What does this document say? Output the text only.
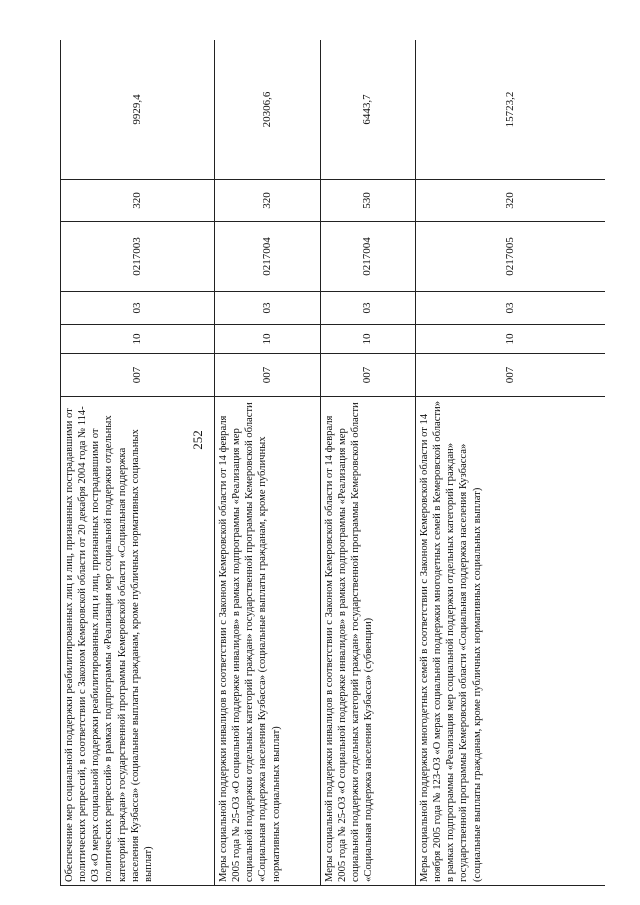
252
Обеспечение мер социальной поддержки реабилитированных лиц и лиц, признанных пострадавшими от политических репрессий, в соответствии с Законом Кемеровской области от 20 декабря 2004 года № 114-ОЗ «О мерах социальной поддержки реабилитированных лиц и лиц, признанных пострадавшими от политических репрессий» в рамках подпрограммы «Реализация мер социальной поддержки отдельных категорий граждан» государственной программы Кемеровской области «Социальная поддержка населения Кузбасса» (социальные выплаты гражданам, кроме публичных нормативных социальных выплат)	007	10	03	0217003	320	9929,4
Меры социальной поддержки инвалидов в соответствии с Законом Кемеровской области от 14 февраля 2005 года № 25-ОЗ «О социальной поддержке инвалидов» в рамках подпрограммы «Реализация мер социальной поддержки отдельных категорий граждан» государственной программы Кемеровской области «Социальная поддержка населения Кузбасса» (социальные выплаты гражданам, кроме публичных нормативных социальных выплат)	007	10	03	0217004	320	20306,6
Меры социальной поддержки инвалидов в соответствии с Законом Кемеровской области от 14 февраля 2005 года № 25-ОЗ «О социальной поддержке инвалидов» в рамках подпрограммы «Реализация мер социальной поддержки отдельных категорий граждан» государственной программы Кемеровской области «Социальная поддержка населения Кузбасса» (субвенции)	007	10	03	0217004	530	6443,7
Меры социальной поддержки многодетных семей в соответствии с Законом Кемеровской области от 14 ноября 2005 года № 123-ОЗ «О мерах социальной поддержки многодетных семей в Кемеровской области» в рамках подпрограммы «Реализация мер социальной поддержки отдельных категорий граждан» государственной программы Кемеровской области «Социальная поддержка населения Кузбасса» (социальные выплаты гражданам, кроме публичных нормативных социальных выплат)	007	10	03	0217005	320	15723,2
